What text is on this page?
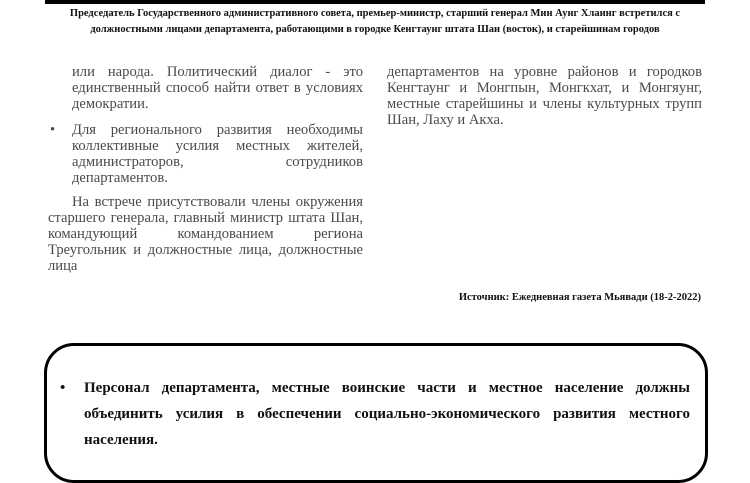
Председатель Государственного административного совета, премьер-министр, старший генерал Мин Аунг Хлаинг встретился с должностными лицами департамента, работающими в городке Кенгтаунг штата Шан (восток), и старейшинам городов

или народа. Политический диалог - это единственный способ найти ответ в условиях демократии.

•	Для регионального развития необходимы коллективные усилия местных жителей, администраторов, сотрудников департаментов.

На встрече присутствовали члены окружения старшего генерала, главный министр штата Шан, командующий командованием региона Треугольник и должностные лица, должностные лица

департаментов на уровне районов и городков Кенгтаунг и Монгпын, Монгкхат, и Монгяунг, местные старейшины и члены культурных трупп Шан, Лаху и Акха.

Источник: Ежедневная газета Мьявади (18-2-2022)
• Персонал департамента, местные воинские части и местное население должны объединить усилия в обеспечении социально-экономического развития местного населения.
